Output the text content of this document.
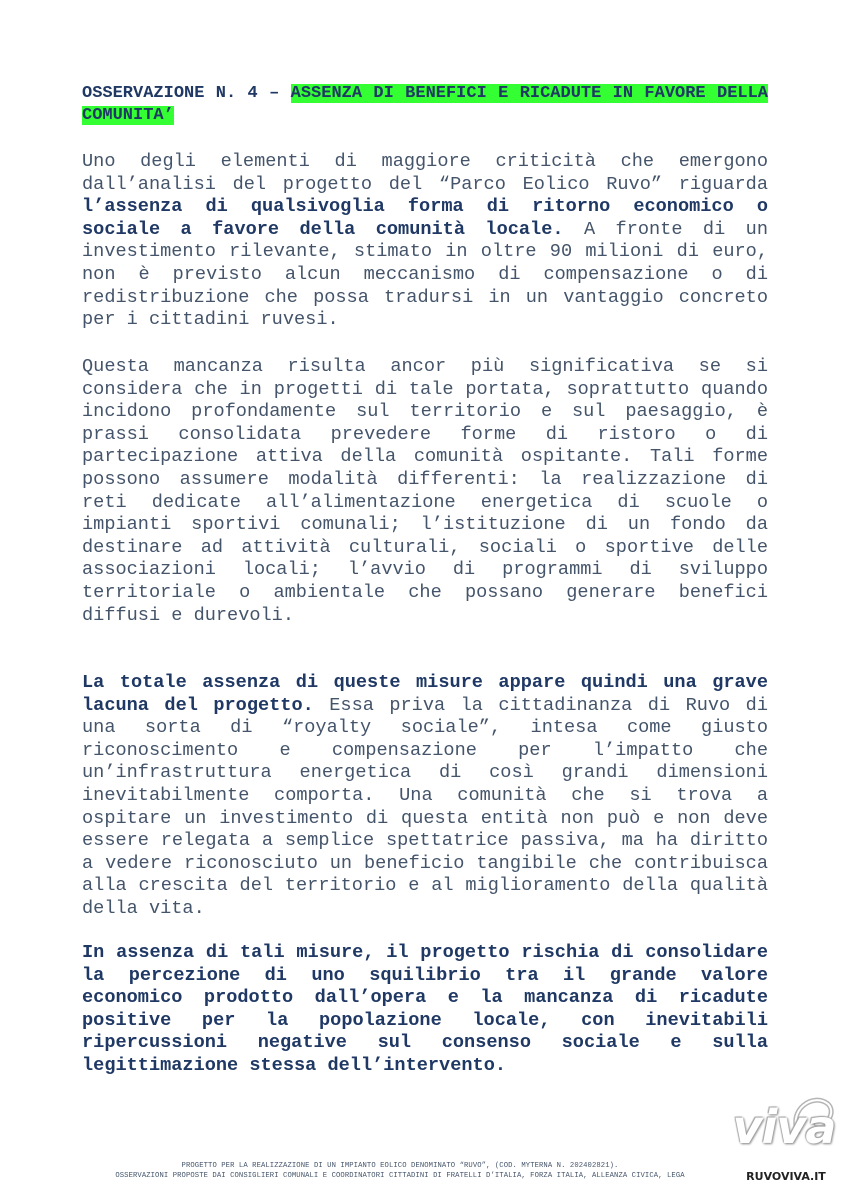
OSSERVAZIONE N. 4 – ASSENZA DI BENEFICI E RICADUTE IN FAVORE DELLA COMUNITA’

Uno degli elementi di maggiore criticità che emergono dall’analisi del progetto del “Parco Eolico Ruvo” riguarda l’assenza di qualsivoglia forma di ritorno economico o sociale a favore della comunità locale. A fronte di un investimento rilevante, stimato in oltre 90 milioni di euro, non è previsto alcun meccanismo di compensazione o di redistribuzione che possa tradursi in un vantaggio concreto per i cittadini ruvesi.

Questa mancanza risulta ancor più significativa se si considera che in progetti di tale portata, soprattutto quando incidono profondamente sul territorio e sul paesaggio, è prassi consolidata prevedere forme di ristoro o di partecipazione attiva della comunità ospitante. Tali forme possono assumere modalità differenti: la realizzazione di reti dedicate all’alimentazione energetica di scuole o impianti sportivi comunali; l’istituzione di un fondo da destinare ad attività culturali, sociali o sportive delle associazioni locali; l’avvio di programmi di sviluppo territoriale o ambientale che possano generare benefici diffusi e durevoli.

La totale assenza di queste misure appare quindi una grave lacuna del progetto. Essa priva la cittadinanza di Ruvo di una sorta di “royalty sociale”, intesa come giusto riconoscimento e compensazione per l’impatto che un’infrastruttura energetica di così grandi dimensioni inevitabilmente comporta. Una comunità che si trova a ospitare un investimento di questa entità non può e non deve essere relegata a semplice spettatrice passiva, ma ha diritto a vedere riconosciuto un beneficio tangibile che contribuisca alla crescita del territorio e al miglioramento della qualità della vita.

In assenza di tali misure, il progetto rischia di consolidare la percezione di uno squilibrio tra il grande valore economico prodotto dall’opera e la mancanza di ricadute positive per la popolazione locale, con inevitabili ripercussioni negative sul consenso sociale e sulla legittimazione stessa dell’intervento.

PROGETTO PER LA REALIZZAZIONE DI UN IMPIANTO EOLICO DENOMINATO “RUVO”, (COD. MYTERNA N. 202402821).
OSSERVAZIONI PROPOSTE DAI CONSIGLIERI COMUNALI E COORDINATORI CITTADINI DI FRATELLI D’ITALIA, FORZA ITALIA, ALLEANZA CIVICA, LEGA
viva
RUVOVIVA.IT
